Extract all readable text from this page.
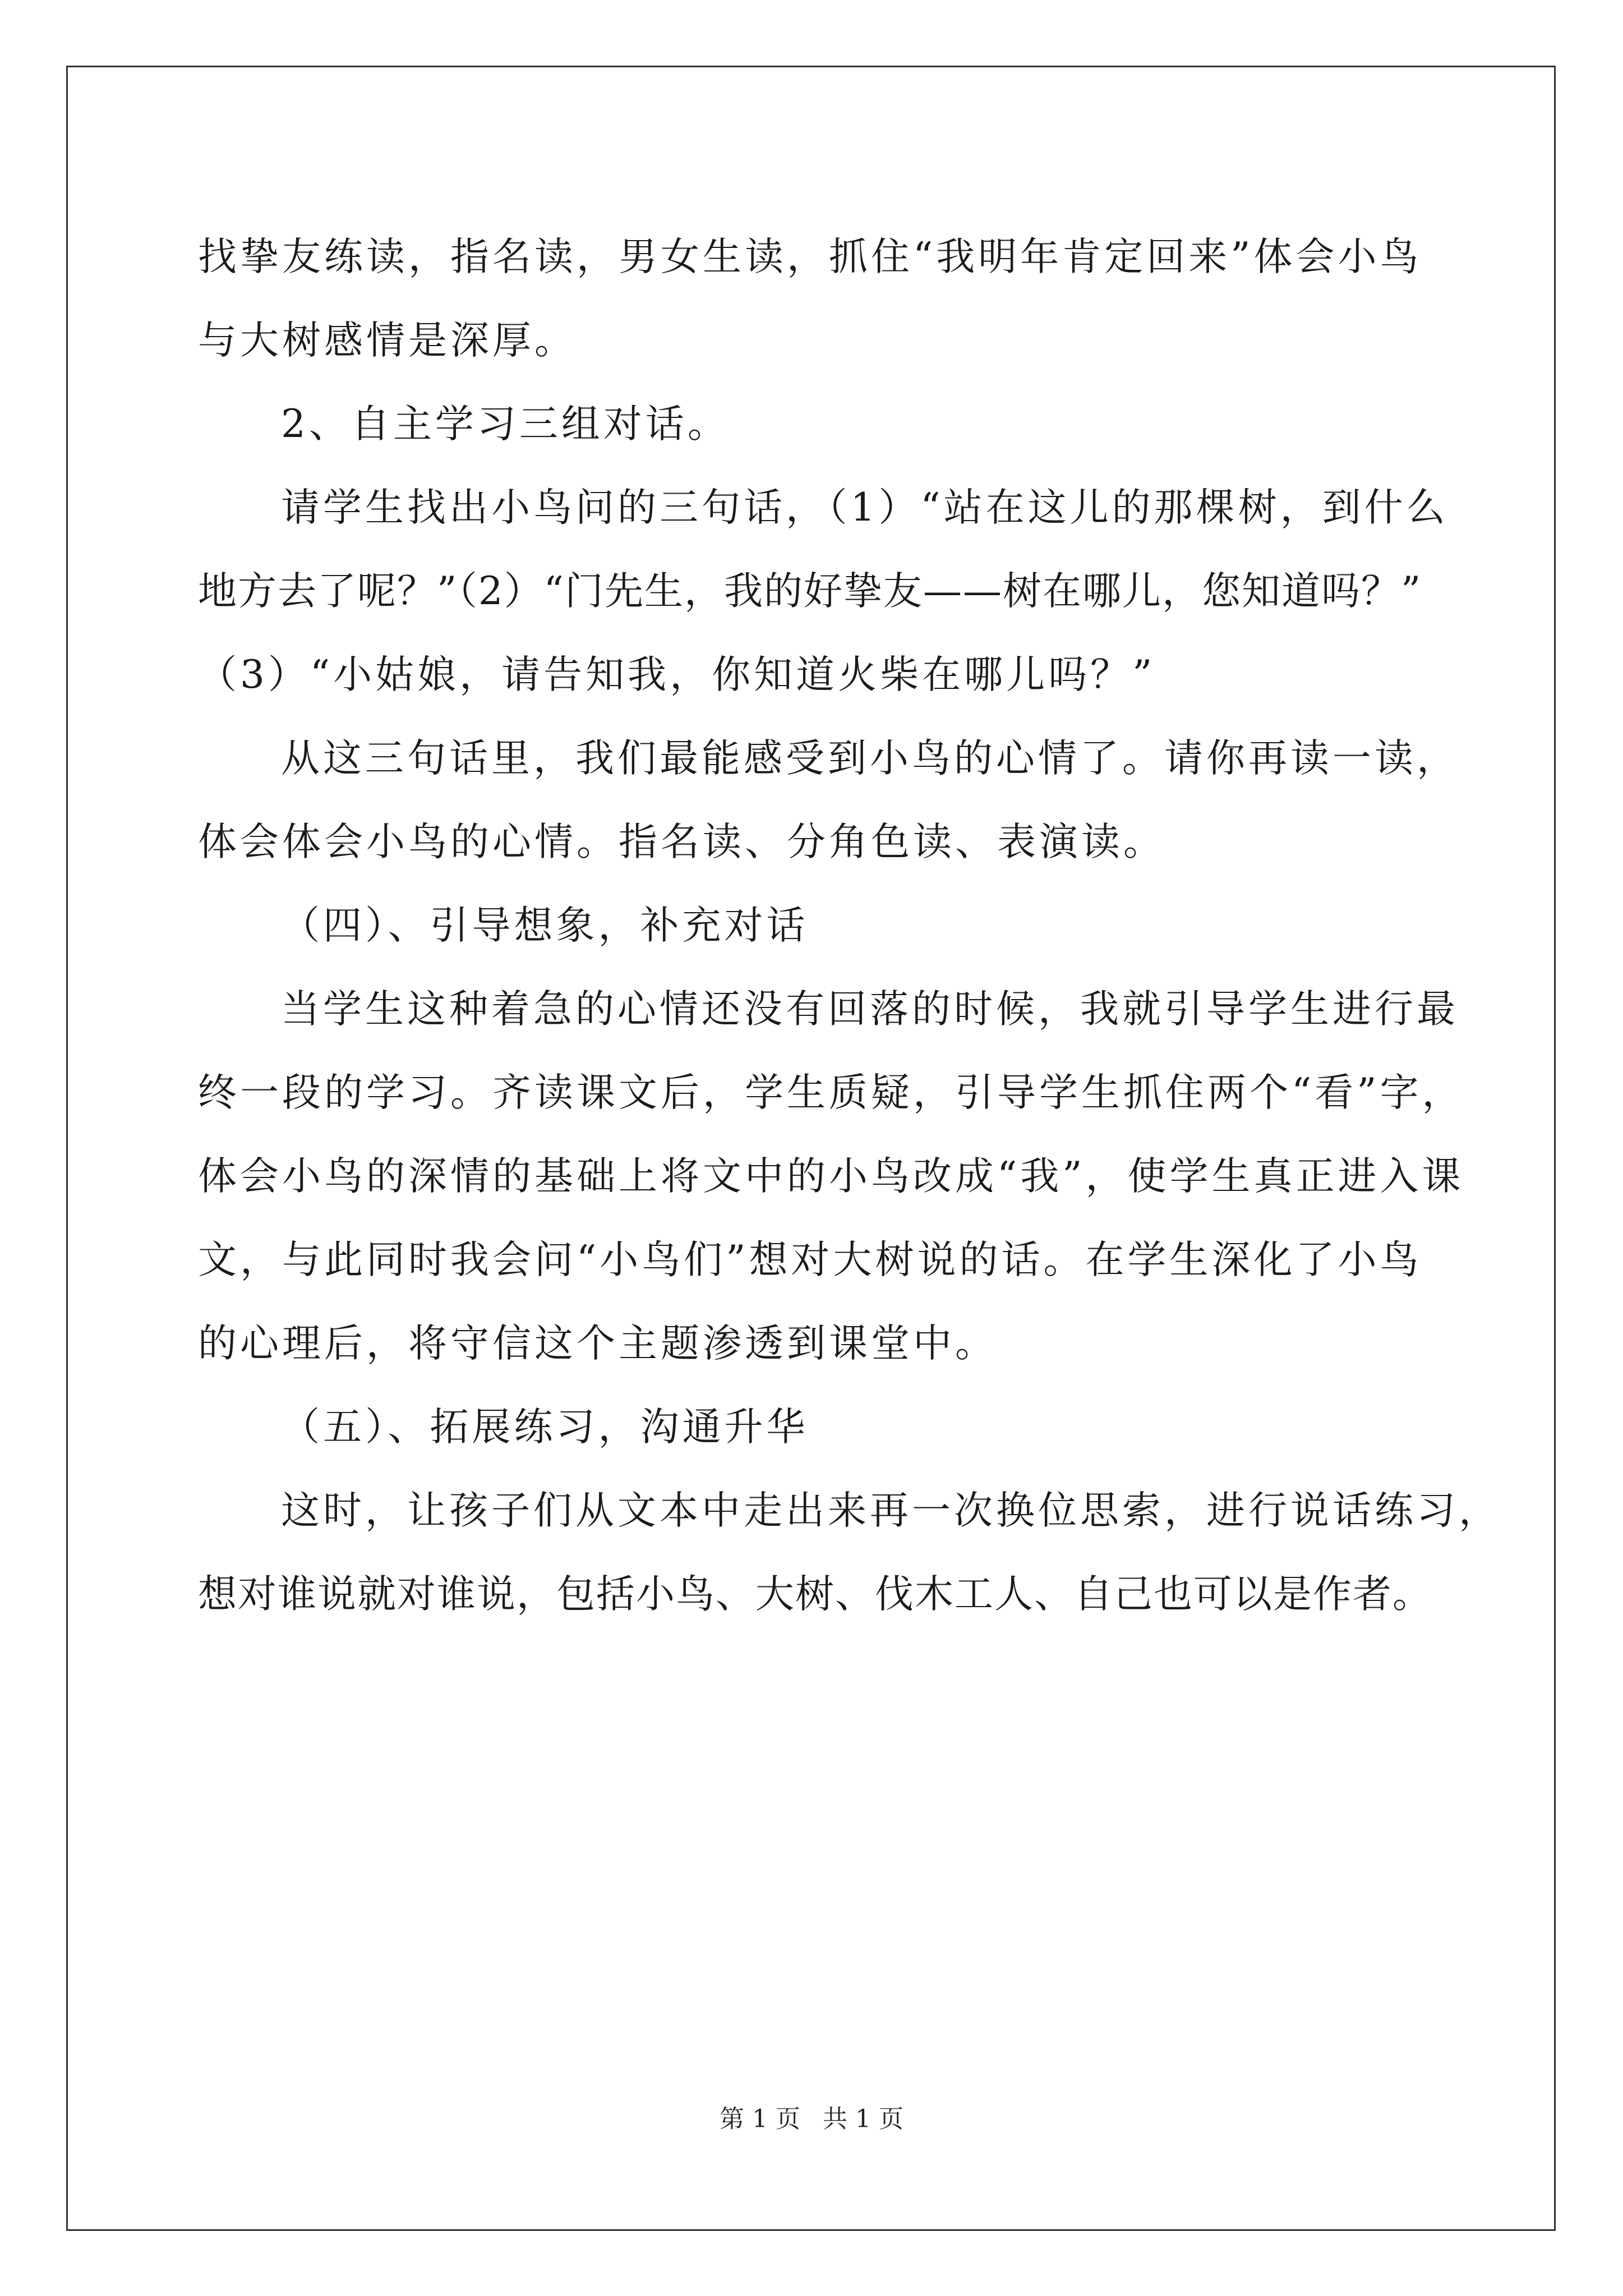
找挚友练读，指名读，男女生读，抓住“我明年肯定回来”体会小鸟
与大树感情是深厚。
2、自主学习三组对话。
请学生找出小鸟问的三句话，（1）“站在这儿的那棵树，到什么
地方去了呢？”（2）“门先生，我的好挚友——树在哪儿，您知道吗？”
（3）“小姑娘，请告知我，你知道火柴在哪儿吗？”
从这三句话里，我们最能感受到小鸟的心情了。请你再读一读，
体会体会小鸟的心情。指名读、分角色读、表演读。
（四）、引导想象，补充对话
当学生这种着急的心情还没有回落的时候，我就引导学生进行最
终一段的学习。齐读课文后，学生质疑，引导学生抓住两个“看”字，
体会小鸟的深情的基础上将文中的小鸟改成“我”，使学生真正进入课
文，与此同时我会问“小鸟们”想对大树说的话。在学生深化了小鸟
的心理后，将守信这个主题渗透到课堂中。
（五）、拓展练习，沟通升华
这时，让孩子们从文本中走出来再一次换位思索，进行说话练习，
想对谁说就对谁说，包括小鸟、大树、伐木工人、自己也可以是作者。
第 1 页 共 1 页
